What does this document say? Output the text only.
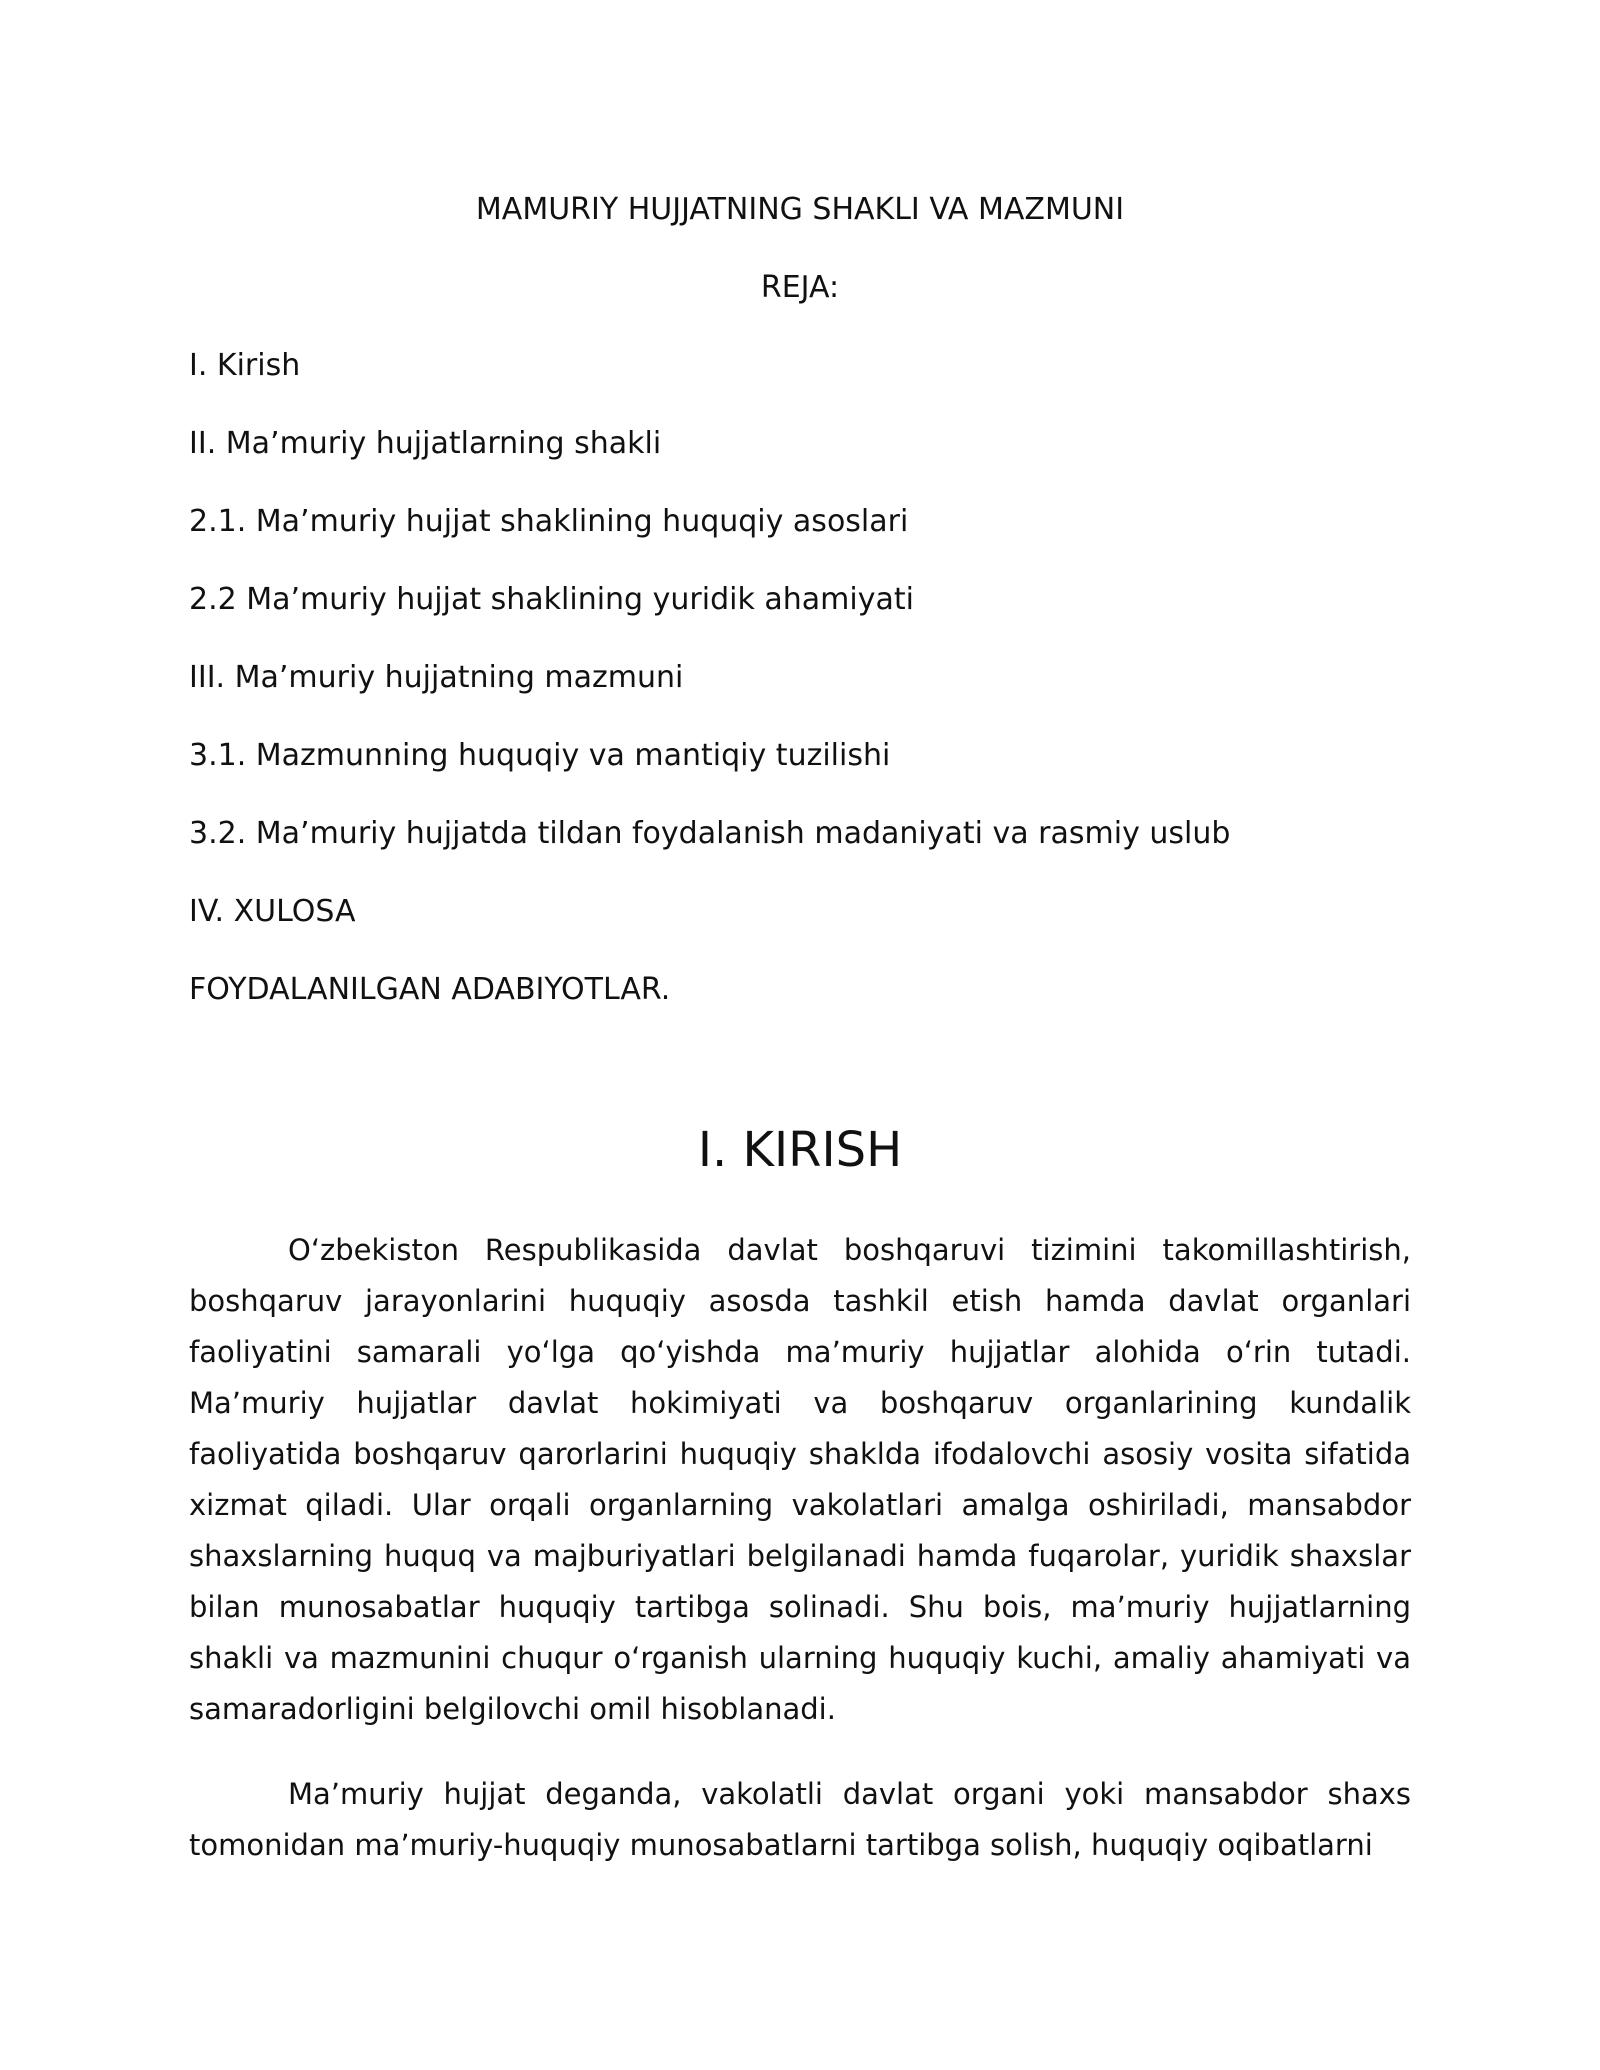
MAMURIY HUJJATNING SHAKLI VA MAZMUNI
REJA:
I. Kirish
II. Ma’muriy hujjatlarning shakli
2.1. Ma’muriy hujjat shaklining huquqiy asoslari
2.2 Ma’muriy hujjat shaklining yuridik ahamiyati
III. Ma’muriy hujjatning mazmuni
3.1. Mazmunning huquqiy va mantiqiy tuzilishi
3.2. Ma’muriy hujjatda tildan foydalanish madaniyati va rasmiy uslub
IV. XULOSA
FOYDALANILGAN ADABIYOTLAR.
I. KIRISH

O‘zbekiston Respublikasida davlat boshqaruvi tizimini takomillashtirish, boshqaruv jarayonlarini huquqiy asosda tashkil etish hamda davlat organlari faoliyatini samarali yo‘lga qo‘yishda ma’muriy hujjatlar alohida o‘rin tutadi. Ma’muriy hujjatlar davlat hokimiyati va boshqaruv organlarining kundalik faoliyatida boshqaruv qarorlarini huquqiy shaklda ifodalovchi asosiy vosita sifatida xizmat qiladi. Ular orqali organlarning vakolatlari amalga oshiriladi, mansabdor shaxslarning huquq va majburiyatlari belgilanadi hamda fuqarolar, yuridik shaxslar bilan munosabatlar huquqiy tartibga solinadi. Shu bois, ma’muriy hujjatlarning shakli va mazmunini chuqur o‘rganish ularning huquqiy kuchi, amaliy ahamiyati va samaradorligini belgilovchi omil hisoblanadi.

Ma’muriy hujjat deganda, vakolatli davlat organi yoki mansabdor shaxs tomonidan ma’muriy-huquqiy munosabatlarni tartibga solish, huquqiy oqibatlarni
